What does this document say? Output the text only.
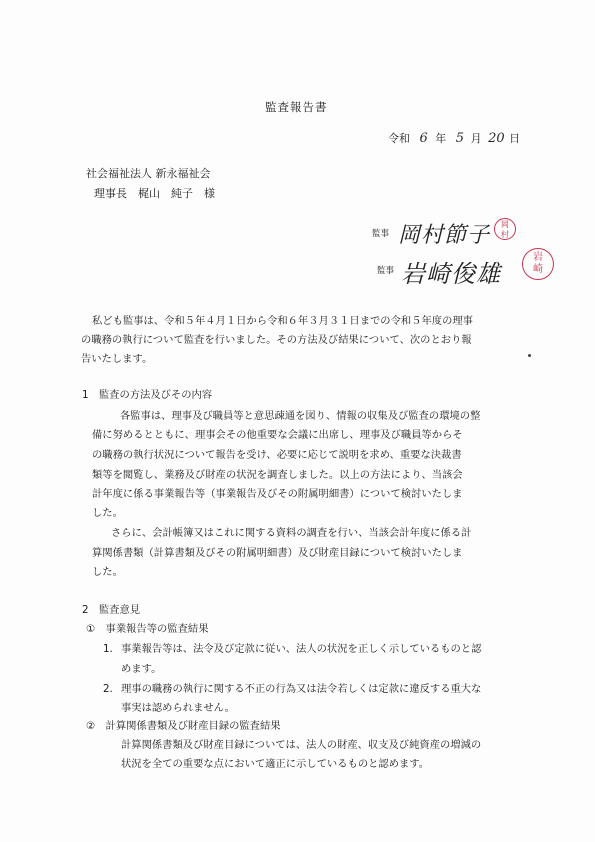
監査報告書
令和 6 年 5 月 20 日
社会福祉法人 新永福祉会
理事長　梶山　純子　様
監事 岡村節子 岡村
監事 岩崎俊雄
岩崎
私ども監事は、令和５年４月１日から令和６年３月３１日までの令和５年度の理事
の職務の執行について監査を行いました。その方法及び結果について、次のとおり報
告いたします。
1　監査の方法及びその内容
各監事は、理事及び職員等と意思疎通を図り、情報の収集及び監査の環境の整
備に努めるとともに、理事会その他重要な会議に出席し、理事及び職員等からそ
の職務の執行状況について報告を受け、必要に応じて説明を求め、重要な決裁書
類等を閲覧し、業務及び財産の状況を調査しました。以上の方法により、当該会
計年度に係る事業報告等（事業報告及びその附属明細書）について検討いたしま
した。
さらに、会計帳簿又はこれに関する資料の調査を行い、当該会計年度に係る計
算関係書類（計算書類及びその附属明細書）及び財産目録について検討いたしま
した。
2　監査意見
①　事業報告等の監査結果
1. 事業報告等は、法令及び定款に従い、法人の状況を正しく示しているものと認
めます。
2. 理事の職務の執行に関する不正の行為又は法令若しくは定款に違反する重大な
事実は認められません。
②　計算関係書類及び財産目録の監査結果
計算関係書類及び財産目録については、法人の財産、収支及び純資産の増減の
状況を全ての重要な点において適正に示しているものと認めます。
